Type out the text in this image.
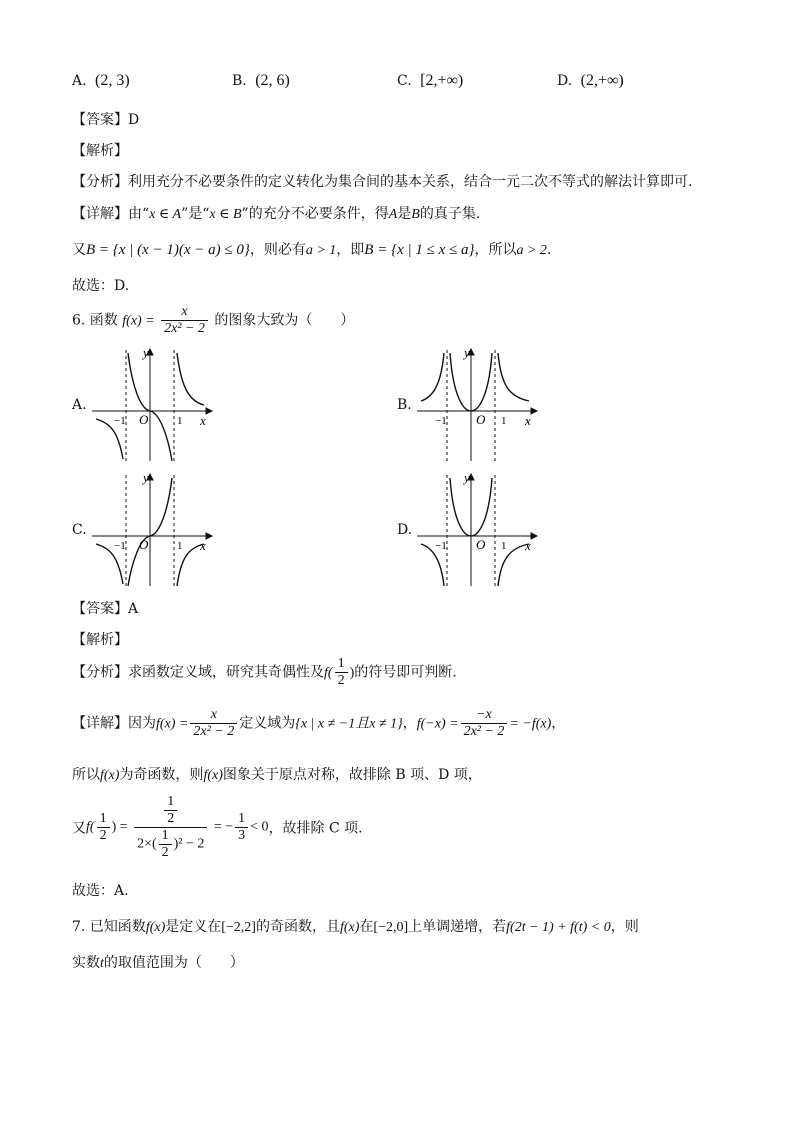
A. (2, 3)	B. (2, 6)	C. [2,+∞)	D. (2,+∞)
【答案】D
【解析】
【分析】利用充分不必要条件的定义转化为集合间的基本关系，结合一元二次不等式的解法计算即可.
【详解】由“x ∈ A”是“x ∈ B”的充分不必要条件，得A是B的真子集.
又B = {x | (x − 1)(x − a) ≤ 0}，则必有a > 1，即B = {x | 1 ≤ x ≤ a}，所以a > 2.
故选：D.
6. 函数 $f(x) = \frac{x}{\text{2x² − 2}}$ 的图象大致为（　　）
A.
y
x
O
−1	1
B.
y
x
O
−1	1
C.
y
x
O
−1	1
D.
y
x
O
−1	1
【答案】A
【解析】
【分析】求函数定义域，研究其奇偶性及$f( \frac{1}{2}$ )的符号即可判断.
【详解】因为$f(x) = \frac{x}{\text{2x² − 2}}$ 定义域为{x | x ≠ −1且x ≠ 1}，$f(-x) = \frac{-x}{\text{2x² − 2}} = -f(x)$，
所以f(x)为奇函数，则f(x)图象关于原点对称，故排除 B 项、D 项，
又$f( \frac{1}{2}$ ) = $\frac{\frac{1}{2}}{2\times( \frac{1}{2} )^2 - 2}$ = − $\frac{1}{3} < 0$，故排除 C 项.
故选：A.
7. 已知函数f(x)是定义在[−2,2]的奇函数，且f(x)在[−2,0]上单调递增，若f(2t − 1) + f(t) < 0，则
实数t的取值范围为（　　）
